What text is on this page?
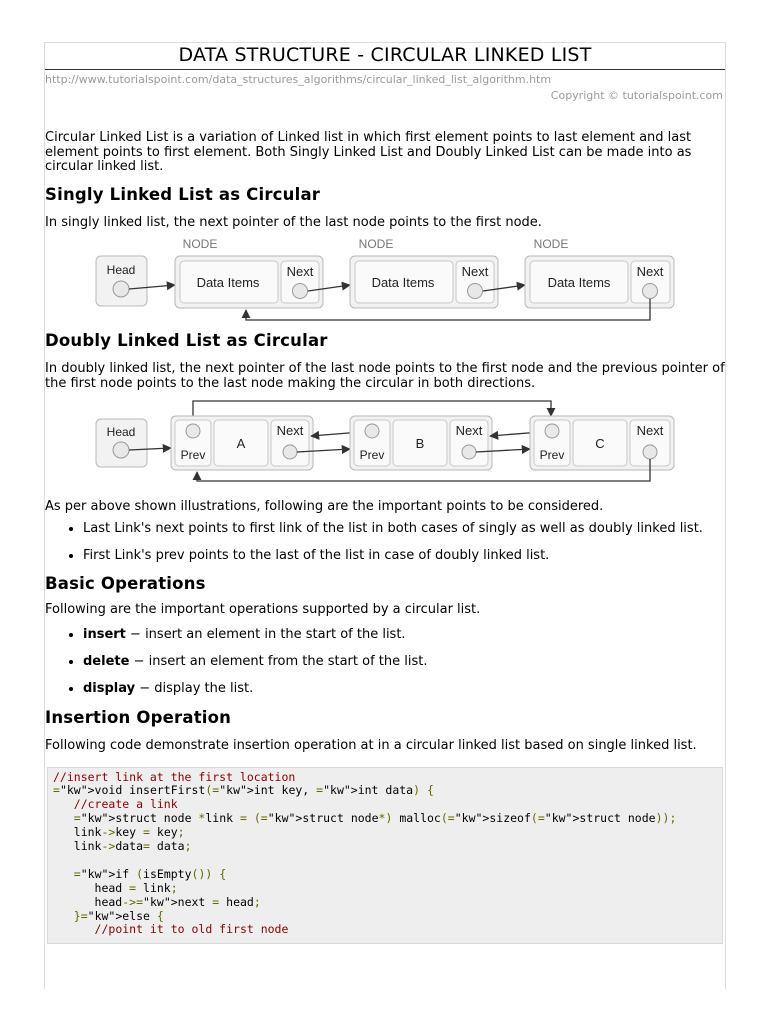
DATA STRUCTURE - CIRCULAR LINKED LIST
http://www.tutorialspoint.com/data_structures_algorithms/circular_linked_list_algorithm.htm
Copyright © tutorialspoint.com

Circular Linked List is a variation of Linked list in which first element points to last element and last element points to first element. Both Singly Linked List and Doubly Linked List can be made into as circular linked list.

Singly Linked List as Circular

In singly linked list, the next pointer of the last node points to the first node.

Head
NODE
Data Items
Next
NODE
Data Items
Next
NODE
Data Items
Next
Doubly Linked List as Circular

In doubly linked list, the next pointer of the last node points to the first node and the previous pointer of the first node points to the last node making the circular in both directions.

Head
Prev
A
Next
Prev
B
Next
Prev
C
Next

As per above shown illustrations, following are the important points to be considered.

• Last Link's next points to first link of the list in both cases of singly as well as doubly linked list.
• First Link's prev points to the last of the list in case of doubly linked list.
Basic Operations

Following are the important operations supported by a circular list.

• insert − insert an element in the start of the list.
• delete − insert an element from the start of the list.
• display − display the list.
Insertion Operation

Following code demonstrate insertion operation at in a circular linked list based on single linked list.

//insert link at the first location
="kw">void insertFirst(="kw">int key, ="kw">int data) {
//create a link
="kw">struct node *link = (="kw">struct node*) malloc(="kw">sizeof(="kw">struct node));
link->key = key;
link->data= data;

="kw">if (isEmpty()) {
head = link;
head->="kw">next = head;
}="kw">else {
//point it to old first node
